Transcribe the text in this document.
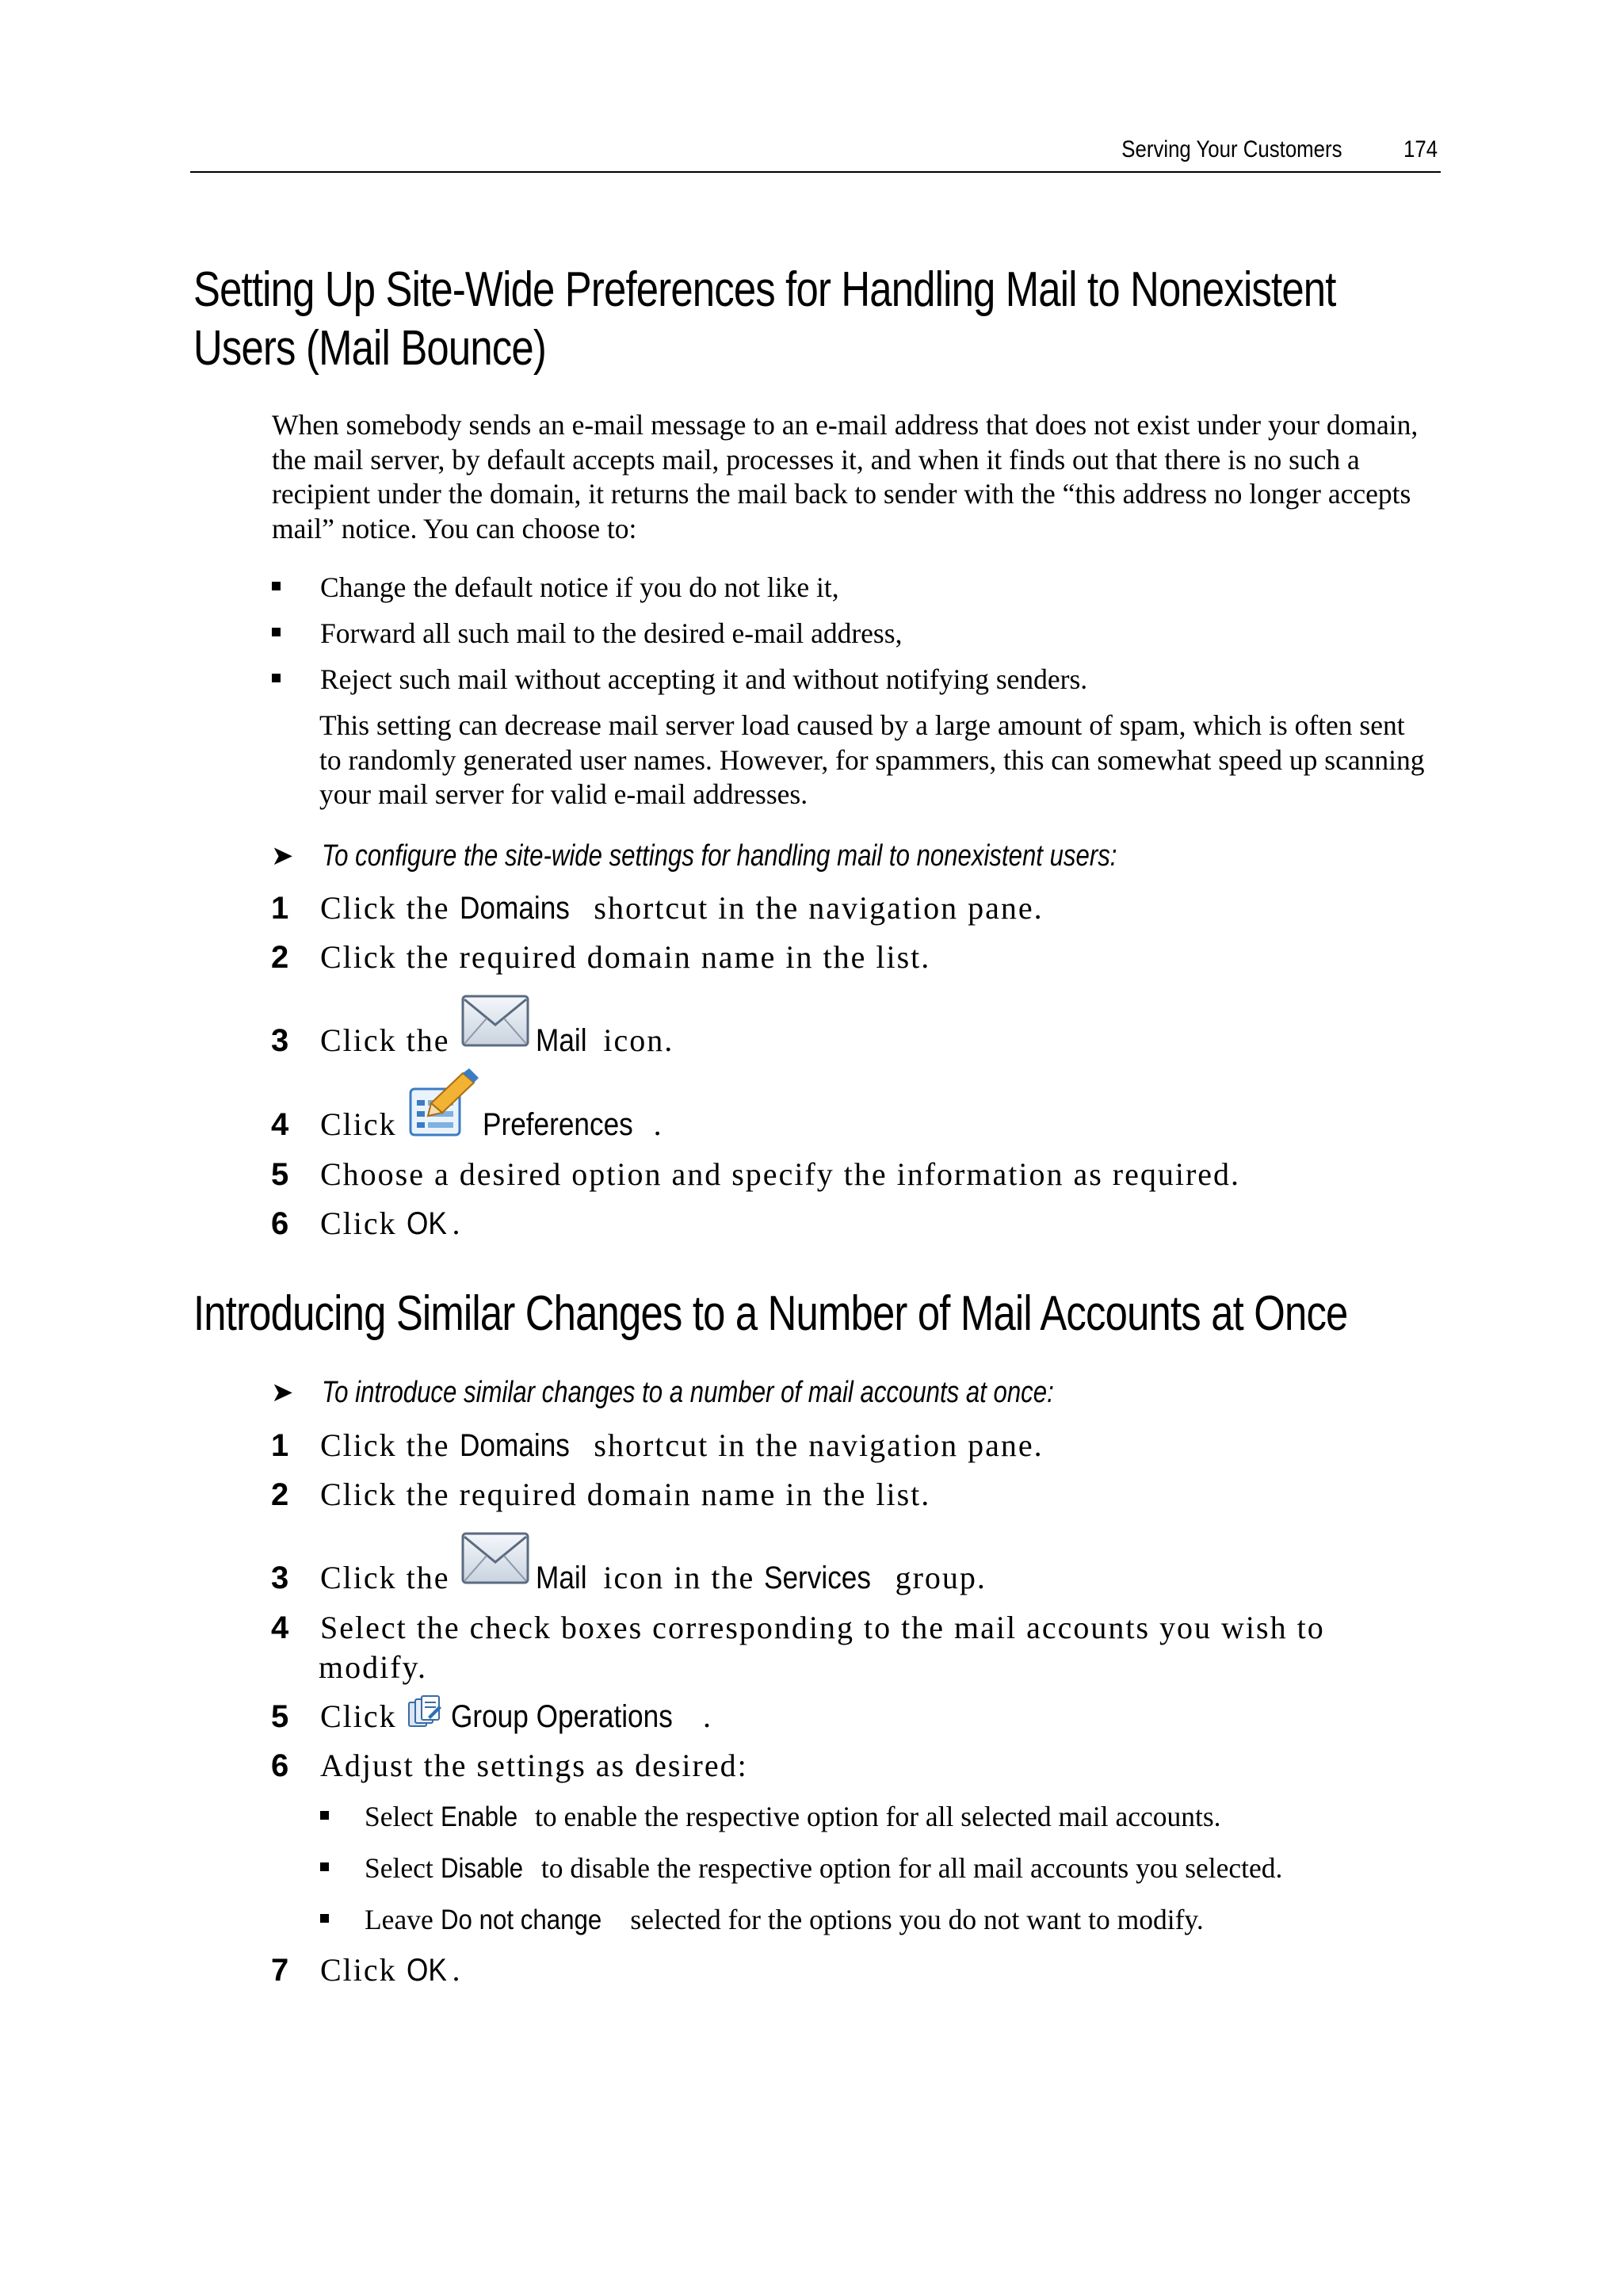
Serving Your Customers	174
Setting Up Site-Wide Preferences for Handling Mail to Nonexistent
Users (Mail Bounce)

When somebody sends an e-mail message to an e-mail address that does not exist under your domain, the mail server, by default accepts mail, processes it, and when it finds out that there is no such a recipient under the domain, it returns the mail back to sender with the “this address no longer accepts mail” notice. You can choose to:

Change the default notice if you do not like it,
Forward all such mail to the desired e-mail address,
Reject such mail without accepting it and without notifying senders.

This setting can decrease mail server load caused by a large amount of spam, which is often sent to randomly generated user names. However, for spammers, this can somewhat speed up scanning your mail server for valid e-mail addresses.

➤ To configure the site-wide settings for handling mail to nonexistent users:
1 Click the Domains shortcut in the navigation pane.
2 Click the required domain name in the list.
3 Click the	Mail icon.
4 Click	Preferences .
5 Choose a desired option and specify the information as required.
6 Click OK .
Introducing Similar Changes to a Number of Mail Accounts at Once
➤ To introduce similar changes to a number of mail accounts at once:
1 Click the Domains shortcut in the navigation pane.
2 Click the required domain name in the list.
3 Click the	Mail icon in the Services group.
4 Select the check boxes corresponding to the mail accounts you wish to
modify.
5 Click Group Operations .
6 Adjust the settings as desired:
Select Enable to enable the respective option for all selected mail accounts.
Select Disable to disable the respective option for all mail accounts you selected.
Leave Do not change selected for the options you do not want to modify.
7 Click OK .
